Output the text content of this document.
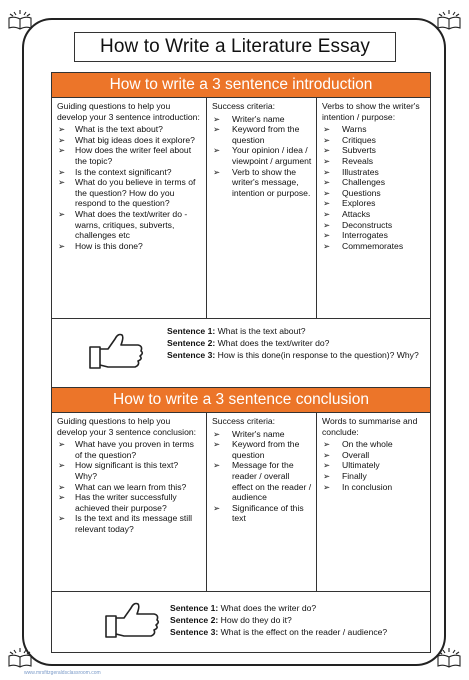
How to Write a Literature Essay
How to write a 3 sentence introduction
Guiding questions to help you develop your 3 sentence introduction:
➢ What is the text about?
➢ What big ideas does it explore?
➢ How does the writer feel about the topic?
➢ Is the context significant?
➢ What do you believe in terms of the question? How do you respond to the question?
➢ What does the text/writer do - warns, critiques, subverts, challenges etc
➢ How is this done?
Success criteria:
➢ Writer's name
➢ Keyword from the question
➢ Your opinion / idea / viewpoint / argument
➢ Verb to show the writer's message, intention or purpose.
Verbs to show the writer's intention / purpose:
➢ Warns
➢ Critiques
➢ Subverts
➢ Reveals
➢ Illustrates
➢ Challenges
➢ Questions
➢ Explores
➢ Attacks
➢ Deconstructs
➢ Interrogates
➢ Commemorates
Sentence 1: What is the text about?
Sentence 2: What does the text/writer do?
Sentence 3: How is this done(in response to the question)? Why?
How to write a 3 sentence conclusion
Guiding questions to help you develop your 3 sentence conclusion:
➢ What have you proven in terms of the question?
➢ How significant is this text? Why?
➢ What can we learn from this?
➢ Has the writer successfully achieved their purpose?
➢ Is the text and its message still relevant today?
Success criteria:
➢ Writer's name
➢ Keyword from the question
➢ Message for the reader / overall effect on the reader / audience
➢ Significance of this text
Words to summarise and conclude:
➢ On the whole
➢ Overall
➢ Ultimately
➢ Finally
➢ In conclusion
Sentence 1: What does the writer do?
Sentence 2: How do they do it?
Sentence 3: What is the effect on the reader / audience?
www.mrsfitzgeraldsclassroom.com
